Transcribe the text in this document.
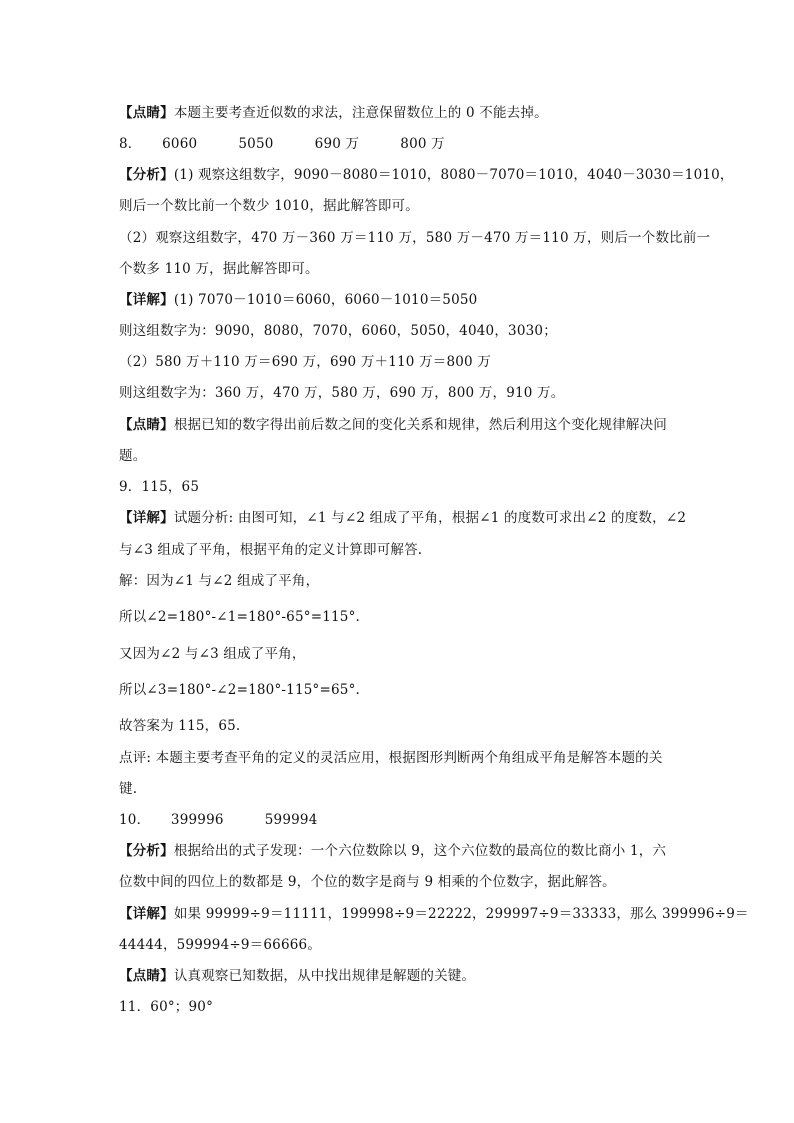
【点睛】本题主要考查近似数的求法，注意保留数位上的 0 不能去掉。
8．　　6060　　　5050　　　690 万　　　800 万
【分析】(1) 观察这组数字，9090－8080＝1010，8080－7070＝1010，4040－3030＝1010，
则后一个数比前一个数少 1010，据此解答即可。
（2）观察这组数字，470 万－360 万＝110 万，580 万－470 万＝110 万，则后一个数比前一
个数多 110 万，据此解答即可。
【详解】(1) 7070－1010＝6060，6060－1010＝5050
则这组数字为：9090，8080，7070，6060，5050，4040，3030；
（2）580 万＋110 万＝690 万，690 万＋110 万＝800 万
则这组数字为：360 万，470 万，580 万，690 万，800 万，910 万。
【点睛】根据已知的数字得出前后数之间的变化关系和规律，然后利用这个变化规律解决问
题。
9．115，65
【详解】试题分析: 由图可知，∠1 与∠2 组成了平角，根据∠1 的度数可求出∠2 的度数，∠2
与∠3 组成了平角，根据平角的定义计算即可解答.
解：因为∠1 与∠2 组成了平角，
所以∠2=180°-∠1=180°-65°=115°.
又因为∠2 与∠3 组成了平角，
所以∠3=180°-∠2=180°-115°=65°.
故答案为 115，65.
点评: 本题主要考查平角的定义的灵活应用，根据图形判断两个角组成平角是解答本题的关
键.
10．　　399996　　　599994
【分析】根据给出的式子发现：一个六位数除以 9，这个六位数的最高位的数比商小 1，六
位数中间的四位上的数都是 9，个位的数字是商与 9 相乘的个位数字，据此解答。
【详解】如果 99999÷9＝11111，199998÷9＝22222，299997÷9＝33333，那么 399996÷9＝
44444，599994÷9＝66666。
【点睛】认真观察已知数据，从中找出规律是解题的关键。
11．60°；90°
